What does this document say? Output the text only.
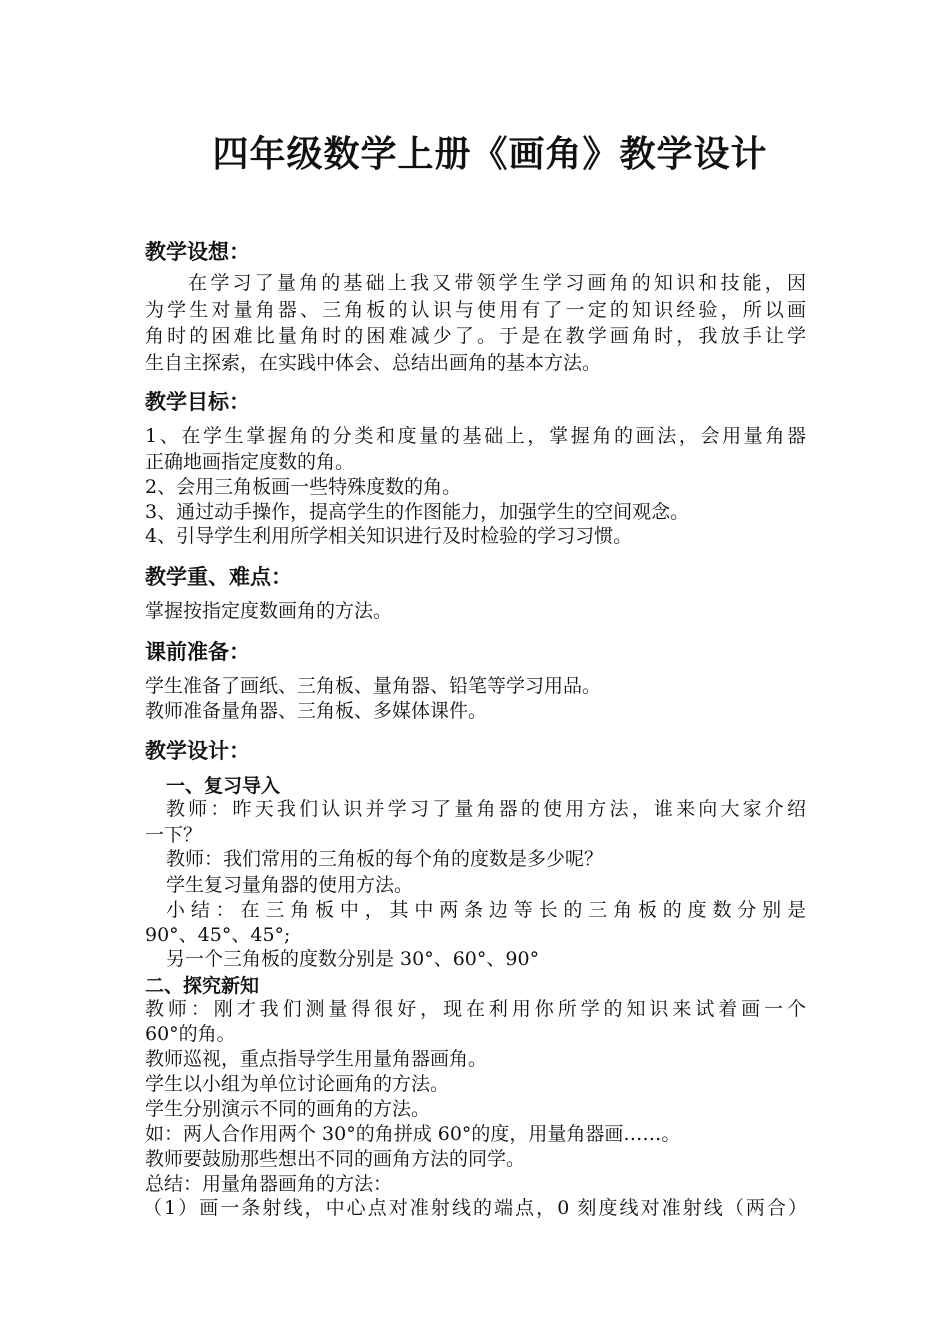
四年级数学上册《画角》教学设计
教学设想：
在学习了量角的基础上我又带领学生学习画角的知识和技能，因
为学生对量角器、三角板的认识与使用有了一定的知识经验，所以画
角时的困难比量角时的困难减少了。于是在教学画角时，我放手让学
生自主探索，在实践中体会、总结出画角的基本方法。
教学目标：
1、在学生掌握角的分类和度量的基础上，掌握角的画法，会用量角器
正确地画指定度数的角。
2、会用三角板画一些特殊度数的角。
3、通过动手操作，提高学生的作图能力，加强学生的空间观念。
4、引导学生利用所学相关知识进行及时检验的学习习惯。
教学重、难点：
掌握按指定度数画角的方法。
课前准备：
学生准备了画纸、三角板、量角器、铅笔等学习用品。
教师准备量角器、三角板、多媒体课件。
教学设计：
一、复习导入
教师：昨天我们认识并学习了量角器的使用方法，谁来向大家介绍
一下？
教师：我们常用的三角板的每个角的度数是多少呢？
学生复习量角器的使用方法。
小结：在三角板中，其中两条边等长的三角板的度数分别是
90°、45°、45°;
另一个三角板的度数分别是 30°、60°、90°
二、探究新知
教师：刚才我们测量得很好，现在利用你所学的知识来试着画一个
60°的角。
教师巡视，重点指导学生用量角器画角。
学生以小组为单位讨论画角的方法。
学生分别演示不同的画角的方法。
如：两人合作用两个 30°的角拼成 60°的度，用量角器画……。
教师要鼓励那些想出不同的画角方法的同学。
总结：用量角器画角的方法：
（1）画一条射线，中心点对准射线的端点，0 刻度线对准射线（两合）
